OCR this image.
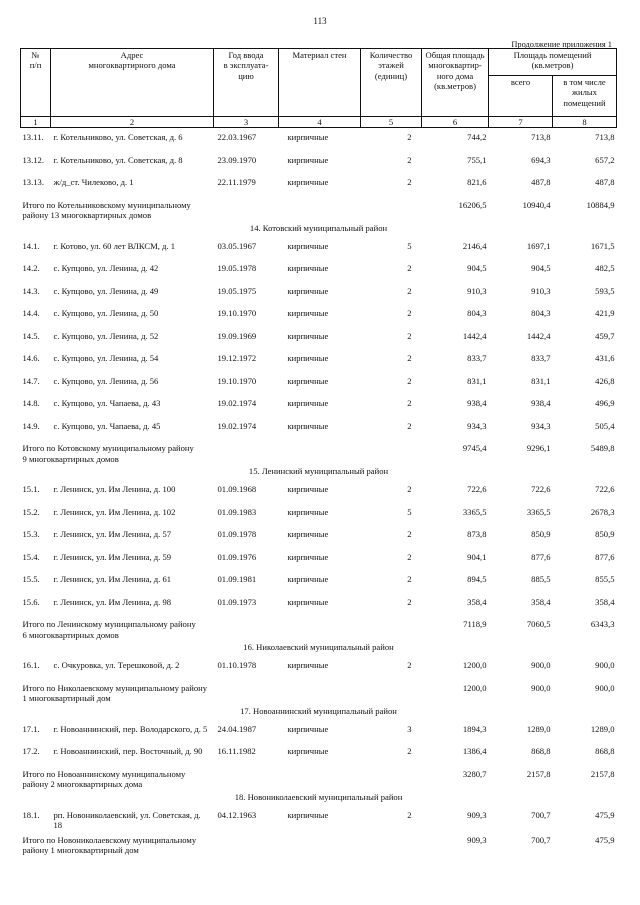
113
Продолжение приложения 1
№
п/п	Адрес
многоквартирного дома	Год ввода
в эксплуата-
цию	Материал стен	Количество
этажей
(единиц)	Общая площадь
многоквартир-
ного дома
(кв.метров)	Площадь помещений
(кв.метров)	
						всего	в том числе
жилых
помещений
1	2	3	4	5	6	7	8
13.11.	г. Котельниково, ул. Советская, д. 6	22.03.1967	кирпичные	2	744,2	713,8	713,8
13.12.	г. Котельниково, ул. Советская, д. 8	23.09.1970	кирпичные	2	755,1	694,3	657,2
13.13.	ж/д_ст. Чилеково, д. 1	22.11.1979	кирпичные	2	821,6	487,8	487,8
Итого по Котельниковскому муниципальному
району 13 многоквартирных домов					16206,5	10940,4	10884,9
14. Котовский муниципальный район							
14.1.	г. Котово, ул. 60 лет ВЛКСМ, д. 1	03.05.1967	кирпичные	5	2146,4	1697,1	1671,5
14.2.	с. Купцово, ул. Ленина, д. 42	19.05.1978	кирпичные	2	904,5	904,5	482,5
14.3.	с. Купцово, ул. Ленина, д. 49	19.05.1975	кирпичные	2	910,3	910,3	593,5
14.4.	с. Купцово, ул. Ленина, д. 50	19.10.1970	кирпичные	2	804,3	804,3	421,9
14.5.	с. Купцово, ул. Ленина, д. 52	19.09.1969	кирпичные	2	1442,4	1442,4	459,7
14.6.	с. Купцово, ул. Ленина, д. 54	19.12.1972	кирпичные	2	833,7	833,7	431,6
14.7.	с. Купцово, ул. Ленина, д. 56	19.10.1970	кирпичные	2	831,1	831,1	426,8
14.8.	с. Купцово, ул. Чапаева, д. 43	19.02.1974	кирпичные	2	938,4	938,4	496,9
14.9.	с. Купцово, ул. Чапаева, д. 45	19.02.1974	кирпичные	2	934,3	934,3	505,4
Итого по Котовскому муниципальному району
9 многоквартирных домов					9745,4	9296,1	5489,8
15. Ленинский муниципальный район							
15.1.	г. Ленинск, ул. Им Ленина, д. 100	01.09.1968	кирпичные	2	722,6	722,6	722,6
15.2.	г. Ленинск, ул. Им Ленина, д. 102	01.09.1983	кирпичные	5	3365,5	3365,5	2678,3
15.3.	г. Ленинск, ул. Им Ленина, д. 57	01.09.1978	кирпичные	2	873,8	850,9	850,9
15.4.	г. Ленинск, ул. Им Ленина, д. 59	01.09.1976	кирпичные	2	904,1	877,6	877,6
15.5.	г. Ленинск, ул. Им Ленина, д. 61	01.09.1981	кирпичные	2	894,5	885,5	855,5
15.6.	г. Ленинск, ул. Им Ленина, д. 98	01.09.1973	кирпичные	2	358,4	358,4	358,4
Итого по Ленинскому муниципальному району
6 многоквартирных домов					7118,9	7060,5	6343,3
16. Николаевский муниципальный район							
16.1.	с. Очкуровка, ул. Терешковой, д. 2	01.10.1978	кирпичные	2	1200,0	900,0	900,0
Итого по Николаевскому муниципальному району
1 многоквартирный дом					1200,0	900,0	900,0
17. Новоаннинский муниципальный район							
17.1.	г. Новоаннинский, пер. Володарского, д. 5	24.04.1987	кирпичные	3	1894,3	1289,0	1289,0
17.2.	г. Новоаннинский, пер. Восточный, д. 90	16.11.1982	кирпичные	2	1386,4	868,8	868,8
Итого по Новоаннинскому муниципальному
району 2 многоквартирных дома					3280,7	2157,8	2157,8
18. Новониколаевский муниципальный район							
18.1.	рп. Новониколаевский, ул. Советская, д.
18	04.12.1963	кирпичные	2	909,3	700,7	475,9
Итого по Новониколаевскому муниципальному
району 1 многоквартирный дом					909,3	700,7	475,9
